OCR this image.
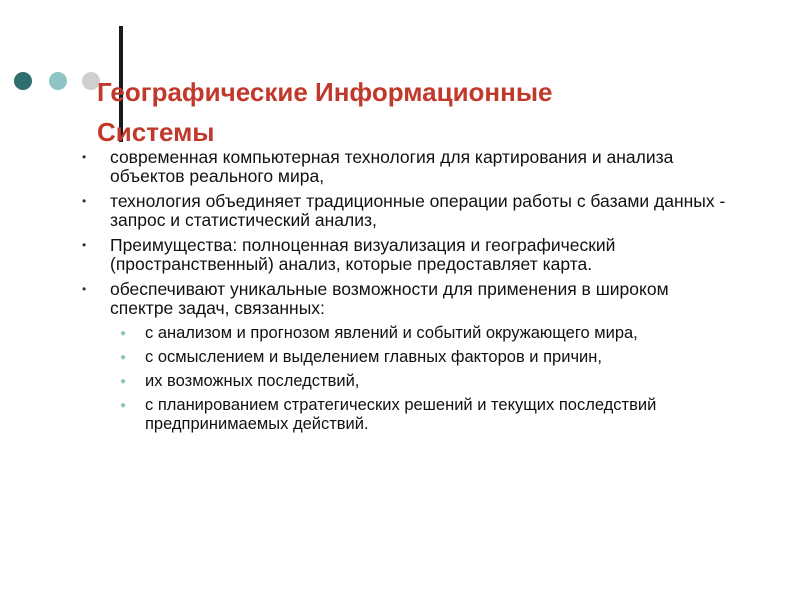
Географические Информационные
Системы
• современная компьютерная технология для картирования и анализа объектов реального мира,
• технология объединяет традиционные операции работы с базами данных - запрос и статистический анализ,
• Преимущества: полноценная визуализация и географический (пространственный) анализ, которые предоставляет карта.
• обеспечивают уникальные возможности для применения в широком спектре задач, связанных:
● с анализом и прогнозом явлений и событий окружающего мира,
● с осмыслением и выделением главных факторов и причин,
● их возможных последствий,
● с планированием стратегических решений и текущих последствий предпринимаемых действий.
